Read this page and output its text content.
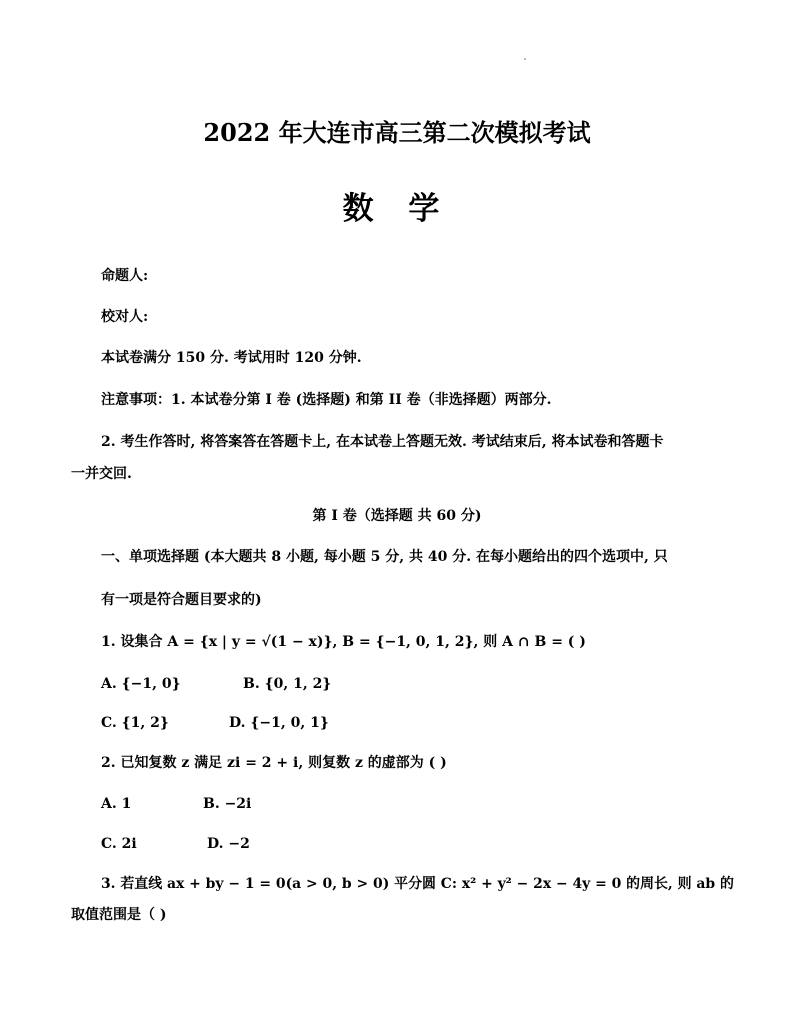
2022 年大连市高三第二次模拟考试
数 学
命题人:
校对人:
本试卷满分 150 分. 考试用时 120 分钟.
注意事项：1. 本试卷分第 I 卷 (选择题) 和第 II 卷（非选择题）两部分.
2. 考生作答时, 将答案答在答题卡上, 在本试卷上答题无效. 考试结束后, 将本试卷和答题卡
一并交回.
第 I 卷（选择题 共 60 分)
一、单项选择题 (本大题共 8 小题, 每小题 5 分, 共 40 分. 在每小题给出的四个选项中, 只
有一项是符合题目要求的)
1. 设集合 A = {x | y = √(1 − x)}, B = {−1, 0, 1, 2}, 则 A ∩ B = ( )
A. {−1, 0}	B. {0, 1, 2}
C. {1, 2}	D. {−1, 0, 1}
2. 已知复数 z 满足 zi = 2 + i, 则复数 z 的虚部为 ( )
A. 1	B. −2i
C. 2i	D. −2
3. 若直线 ax + by − 1 = 0(a > 0, b > 0) 平分圆 C: x² + y² − 2x − 4y = 0 的周长, 则 ab 的
取值范围是（ )
